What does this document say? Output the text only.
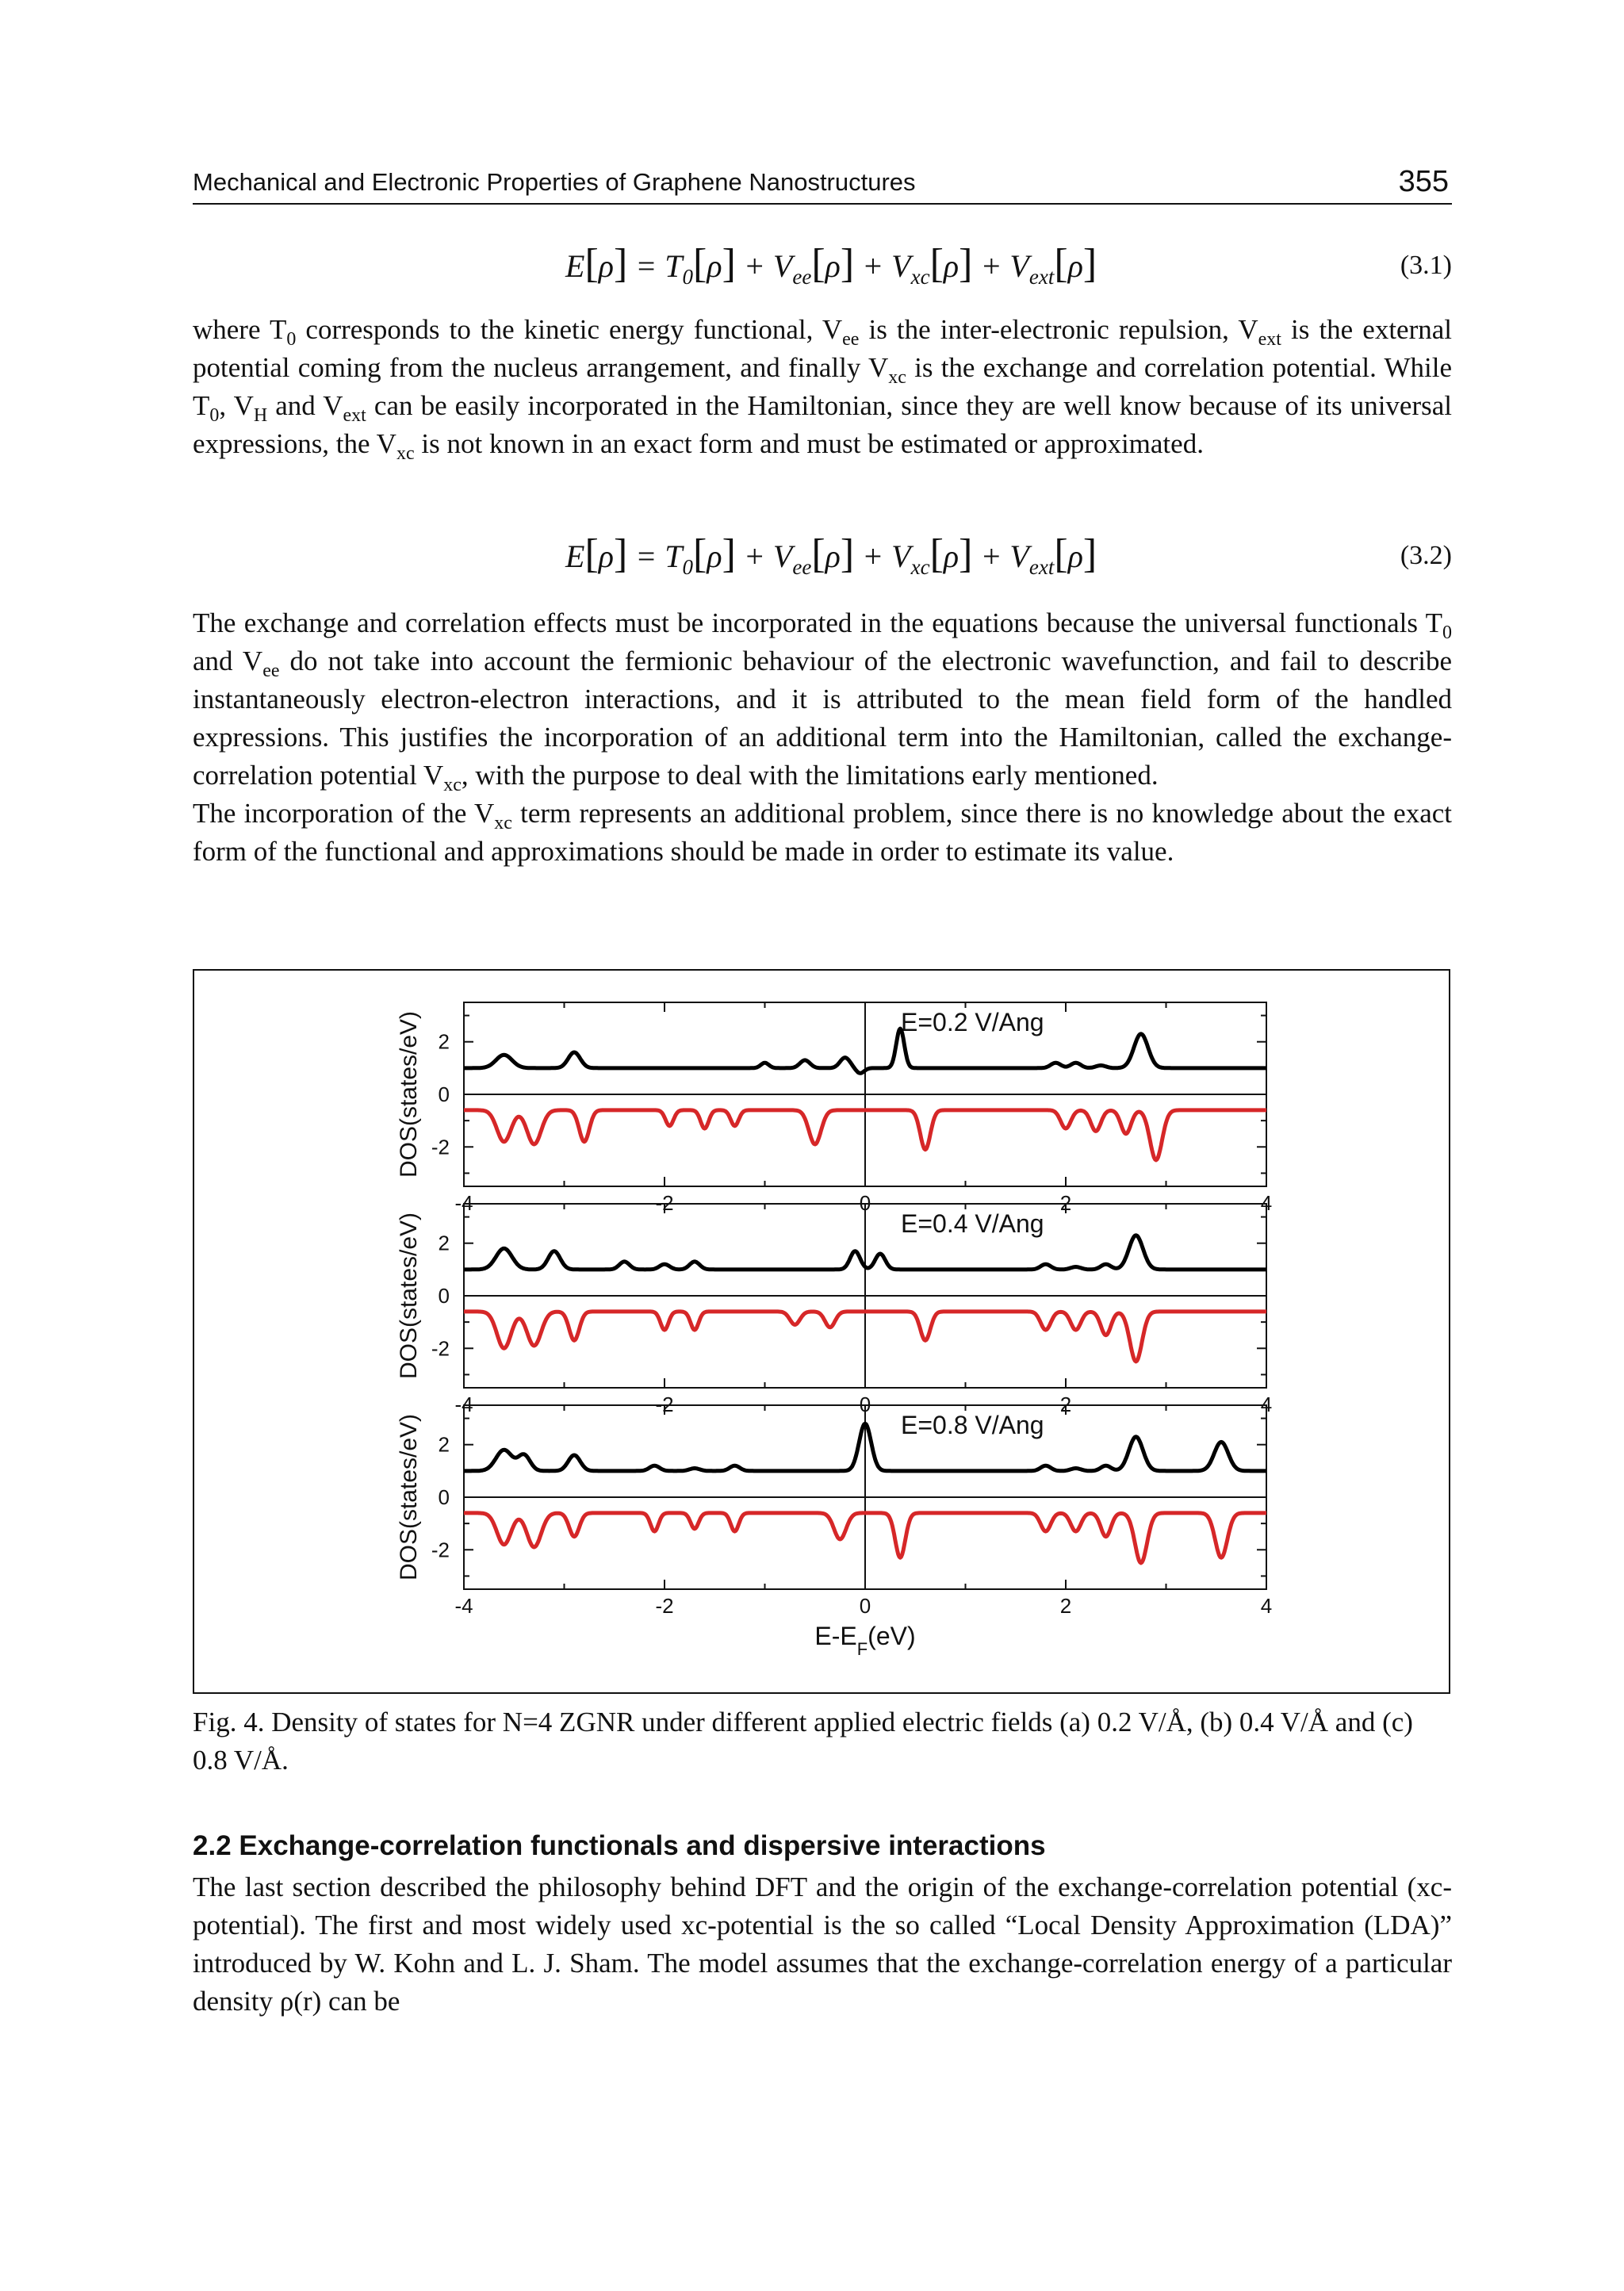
Mechanical and Electronic Properties of Graphene Nanostructures	355
$E[\rho] = T_0[\rho] + V_{ee}[\rho] + V_{xc}[\rho] + V_{ext}[\rho]$	(3.1)

where $T_0$ corresponds to the kinetic energy functional, $V_{ee}$ is the inter-electronic repulsion, $V_{ext}$ is the external potential coming from the nucleus arrangement, and finally $V_{xc}$ is the exchange and correlation potential. While $T_0$, $V_H$ and $V_{ext}$ can be easily incorporated in the Hamiltonian, since they are well know because of its universal expressions, the $V_{xc}$ is not known in an exact form and must be estimated or approximated.

$E[\rho] = T_0[\rho] + V_{ee}[\rho] + V_{xc}[\rho] + V_{ext}[\rho]$	(3.2)

The exchange and correlation effects must be incorporated in the equations because the universal functionals $T_0$ and $V_{ee}$ do not take into account the fermionic behaviour of the electronic wavefunction, and fail to describe instantaneously electron-electron interactions, and it is attributed to the mean field form of the handled expressions. This justifies the incorporation of an additional term into the Hamiltonian, called the exchange-correlation potential $V_{xc}$, with the purpose to deal with the limitations early mentioned.

The incorporation of the $V_{xc}$ term represents an additional problem, since there is no knowledge about the exact form of the functional and approximations should be made in order to estimate its value.

2
0
-2
-4	-2	0	2	4
E=0.2 V/Ang
DOS(states/eV)
2
0
-2
-4	-2	0	2	4
E=0.4 V/Ang
DOS(states/eV)
2
0
-2
-4	-2	0	2	4
E=0.8 V/Ang
DOS(states/eV)
$E-E_F(eV)$
Fig. 4. Density of states for N=4 ZGNR under different applied electric fields (a) 0.2 V/Å, (b) 0.4 V/Å and (c) 0.8 V/Å.
2.2 Exchange-correlation functionals and dispersive interactions

The last section described the philosophy behind DFT and the origin of the exchange-correlation potential (xc-potential). The first and most widely used xc-potential is the so called “Local Density Approximation (LDA)” introduced by W. Kohn and L. J. Sham. The model assumes that the exchange-correlation energy of a particular density ρ(r) can be
